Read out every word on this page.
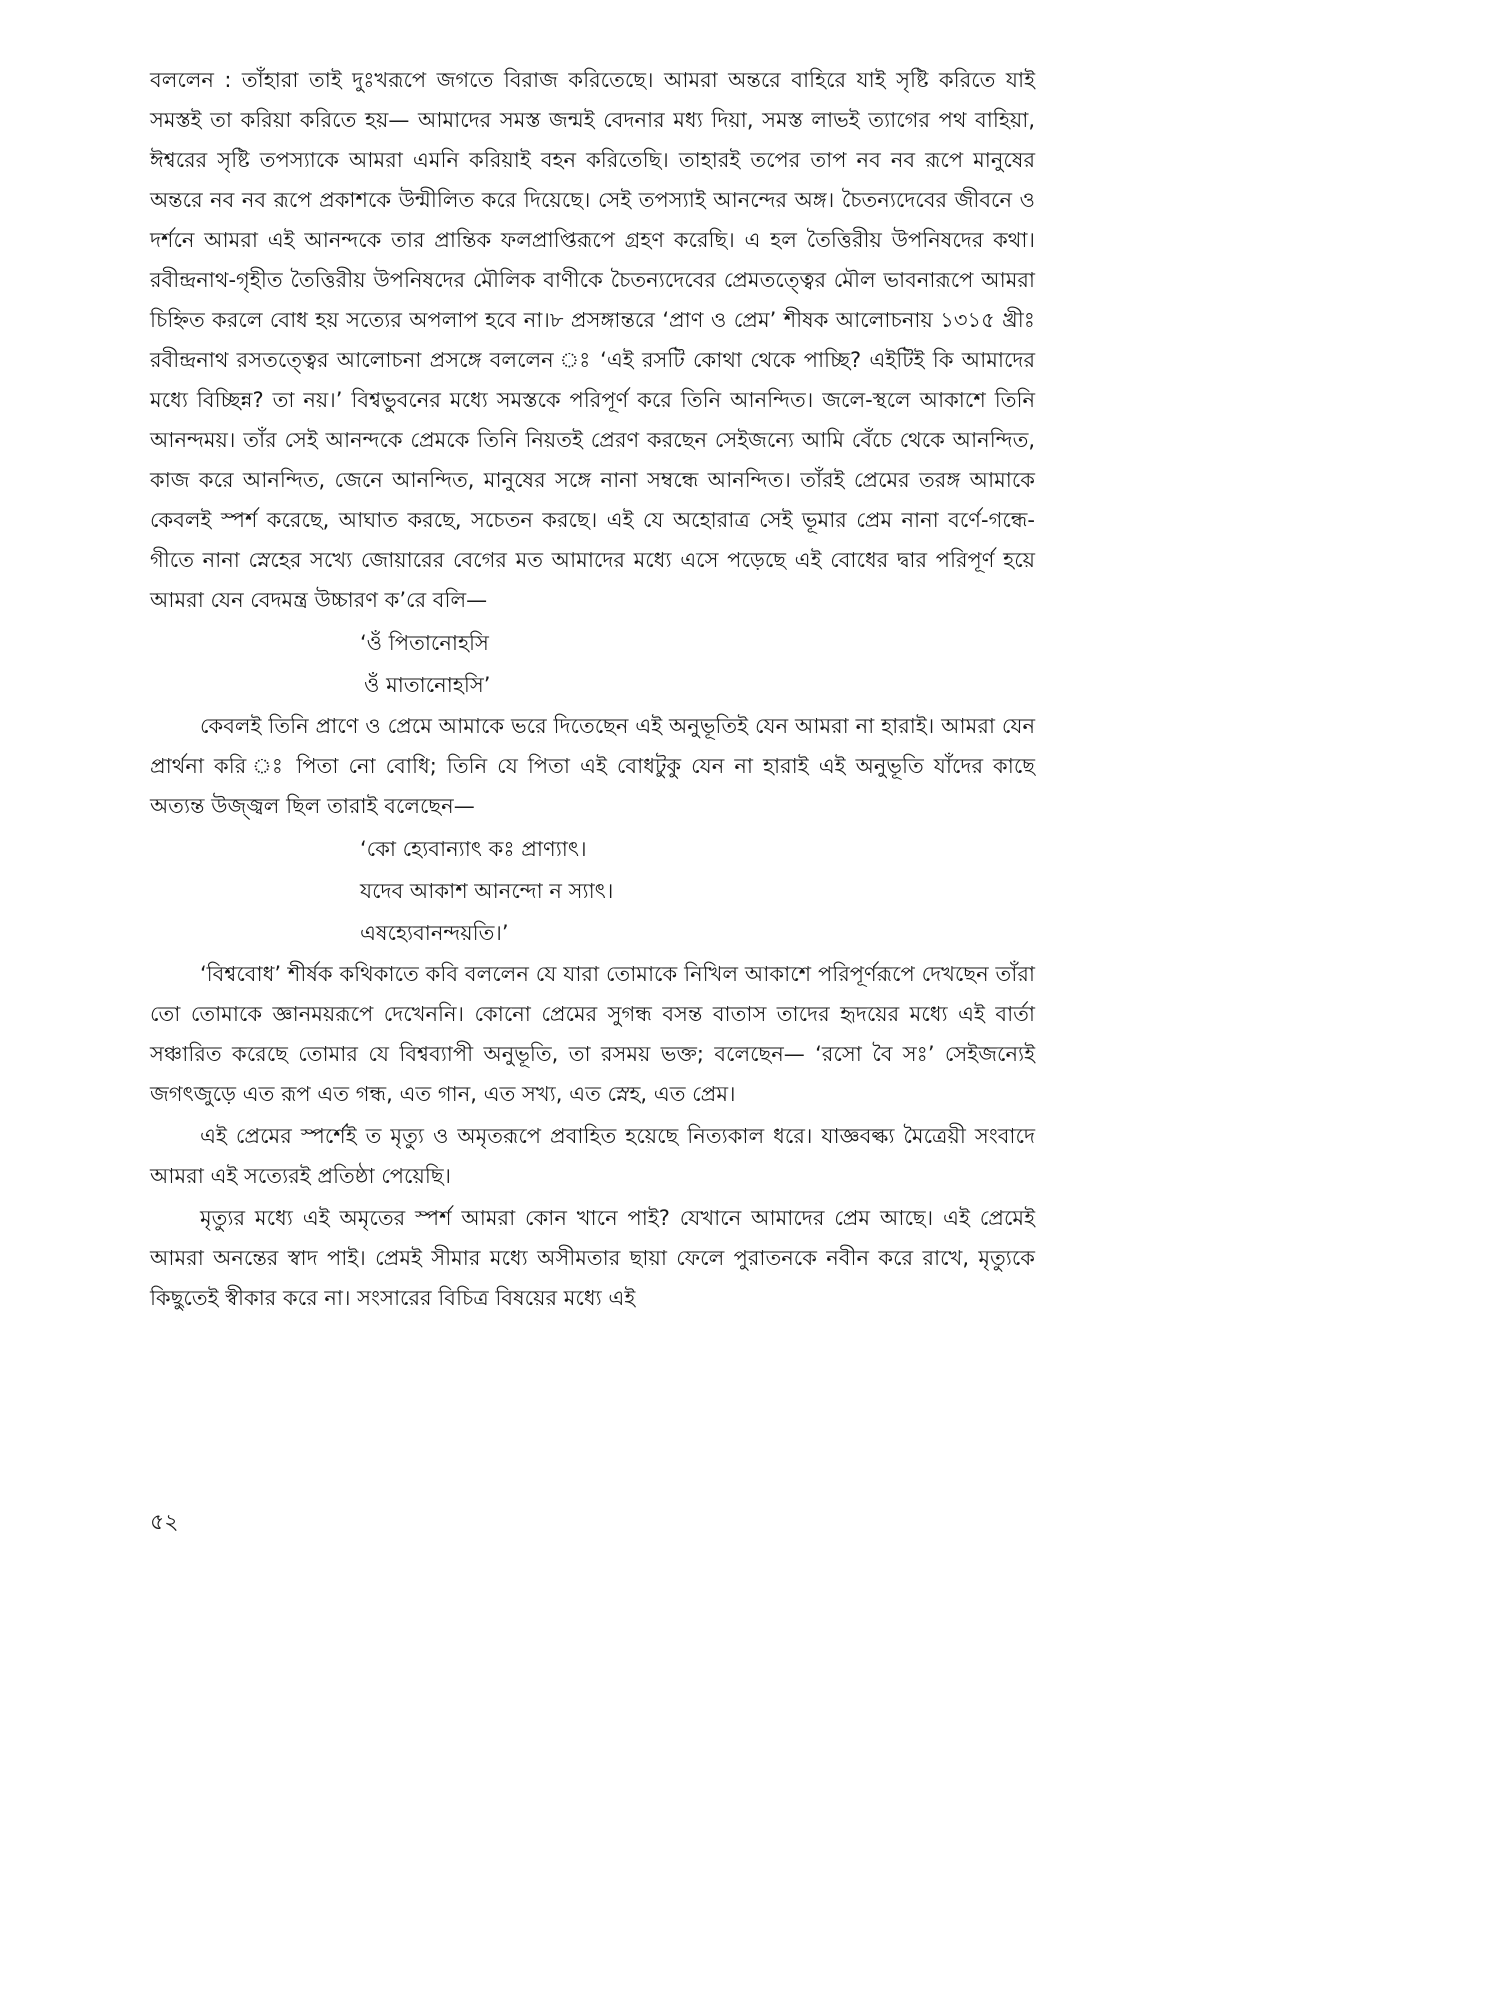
বললেন : তাঁহারা তাই দুঃখরূপে জগতে বিরাজ করিতেছে। আমরা অন্তরে বাহিরে যাই সৃষ্টি করিতে যাই সমস্তই তা করিয়া করিতে হয়— আমাদের সমস্ত জন্মই বেদনার মধ্য দিয়া, সমস্ত লাভই ত্যাগের পথ বাহিয়া, ঈশ্বরের সৃষ্টি তপস্যাকে আমরা এমনি করিয়াই বহন করিতেছি। তাহারই তপের তাপ নব নব রূপে মানুষের অন্তরে নব নব রূপে প্রকাশকে উন্মীলিত করে দিয়েছে। সেই তপস্যাই আনন্দের অঙ্গ। চৈতন্যদেবের জীবনে ও দর্শনে আমরা এই আনন্দকে তার প্রান্তিক ফলপ্রাপ্তিরূপে গ্রহণ করেছি। এ হল তৈত্তিরীয় উপনিষদের কথা। রবীন্দ্রনাথ-গৃহীত তৈত্তিরীয় উপনিষদের মৌলিক বাণীকে চৈতন্যদেবের প্রেমতত্ত্বের মৌল ভাবনারূপে আমরা চিহ্নিত করলে বোধ হয় সত্যের অপলাপ হবে না।৮ প্রসঙ্গান্তরে ‘প্রাণ ও প্রেম’ শীষক আলোচনায় ১৩১৫ খ্রীঃ রবীন্দ্রনাথ রসতত্ত্বের আলোচনা প্রসঙ্গে বললেন ঃ ‘এই রসটি কোথা থেকে পাচ্ছি? এইটিই কি আমাদের মধ্যে বিচ্ছিন্ন? তা নয়।’ বিশ্বভুবনের মধ্যে সমস্তকে পরিপূর্ণ করে তিনি আনন্দিত। জলে-স্থলে আকাশে তিনি আনন্দময়। তাঁর সেই আনন্দকে প্রেমকে তিনি নিয়তই প্রেরণ করছেন সেইজন্যে আমি বেঁচে থেকে আনন্দিত, কাজ করে আনন্দিত, জেনে আনন্দিত, মানুষের সঙ্গে নানা সম্বন্ধে আনন্দিত। তাঁরই প্রেমের তরঙ্গ আমাকে কেবলই স্পর্শ করেছে, আঘাত করছে, সচেতন করছে। এই যে অহোরাত্র সেই ভূমার প্রেম নানা বর্ণে-গন্ধে-গীতে নানা স্নেহের সখ্যে জোয়ারের বেগের মত আমাদের মধ্যে এসে পড়েছে এই বোধের দ্বার পরিপূর্ণ হয়ে আমরা যেন বেদমন্ত্র উচ্চারণ ক’রে বলি—

‘ওঁ পিতানোহসি
ওঁ মাতানোহসি’

কেবলই তিনি প্রাণে ও প্রেমে আমাকে ভরে দিতেছেন এই অনুভূতিই যেন আমরা না হারাই। আমরা যেন প্রার্থনা করি ঃ পিতা নো বোধি; তিনি যে পিতা এই বোধটুকু যেন না হারাই এই অনুভূতি যাঁদের কাছে অত্যন্ত উজ্জ্বল ছিল তারাই বলেছেন—

‘কো হ্যেবান্যাৎ কঃ প্রাণ্যাৎ।
যদেব আকাশ আনন্দো ন স্যাৎ।
এষহ্যেবানন্দয়তি।’

‘বিশ্ববোধ’ শীর্ষক কথিকাতে কবি বললেন যে যারা তোমাকে নিখিল আকাশে পরিপূর্ণরূপে দেখছেন তাঁরা তো তোমাকে জ্ঞানময়রূপে দেখেননি। কোনো প্রেমের সুগন্ধ বসন্ত বাতাস তাদের হৃদয়ের মধ্যে এই বার্তা সঞ্চারিত করেছে তোমার যে বিশ্বব্যাপী অনুভূতি, তা রসময় ভক্ত; বলেছেন— ‘রসো বৈ সঃ’ সেইজন্যেই জগৎজুড়ে এত রূপ এত গন্ধ, এত গান, এত সখ্য, এত স্নেহ, এত প্রেম।

এই প্রেমের স্পর্শেই ত মৃত্যু ও অমৃতরূপে প্রবাহিত হয়েছে নিত্যকাল ধরে। যাজ্ঞবল্ক্য মৈত্রেয়ী সংবাদে আমরা এই সত্যেরই প্রতিষ্ঠা পেয়েছি।

মৃত্যুর মধ্যে এই অমৃতের স্পর্শ আমরা কোন খানে পাই? যেখানে আমাদের প্রেম আছে। এই প্রেমেই আমরা অনন্তের স্বাদ পাই। প্রেমই সীমার মধ্যে অসীমতার ছায়া ফেলে পুরাতনকে নবীন করে রাখে, মৃত্যুকে কিছুতেই স্বীকার করে না। সংসারের বিচিত্র বিষয়ের মধ্যে এই

৫২
